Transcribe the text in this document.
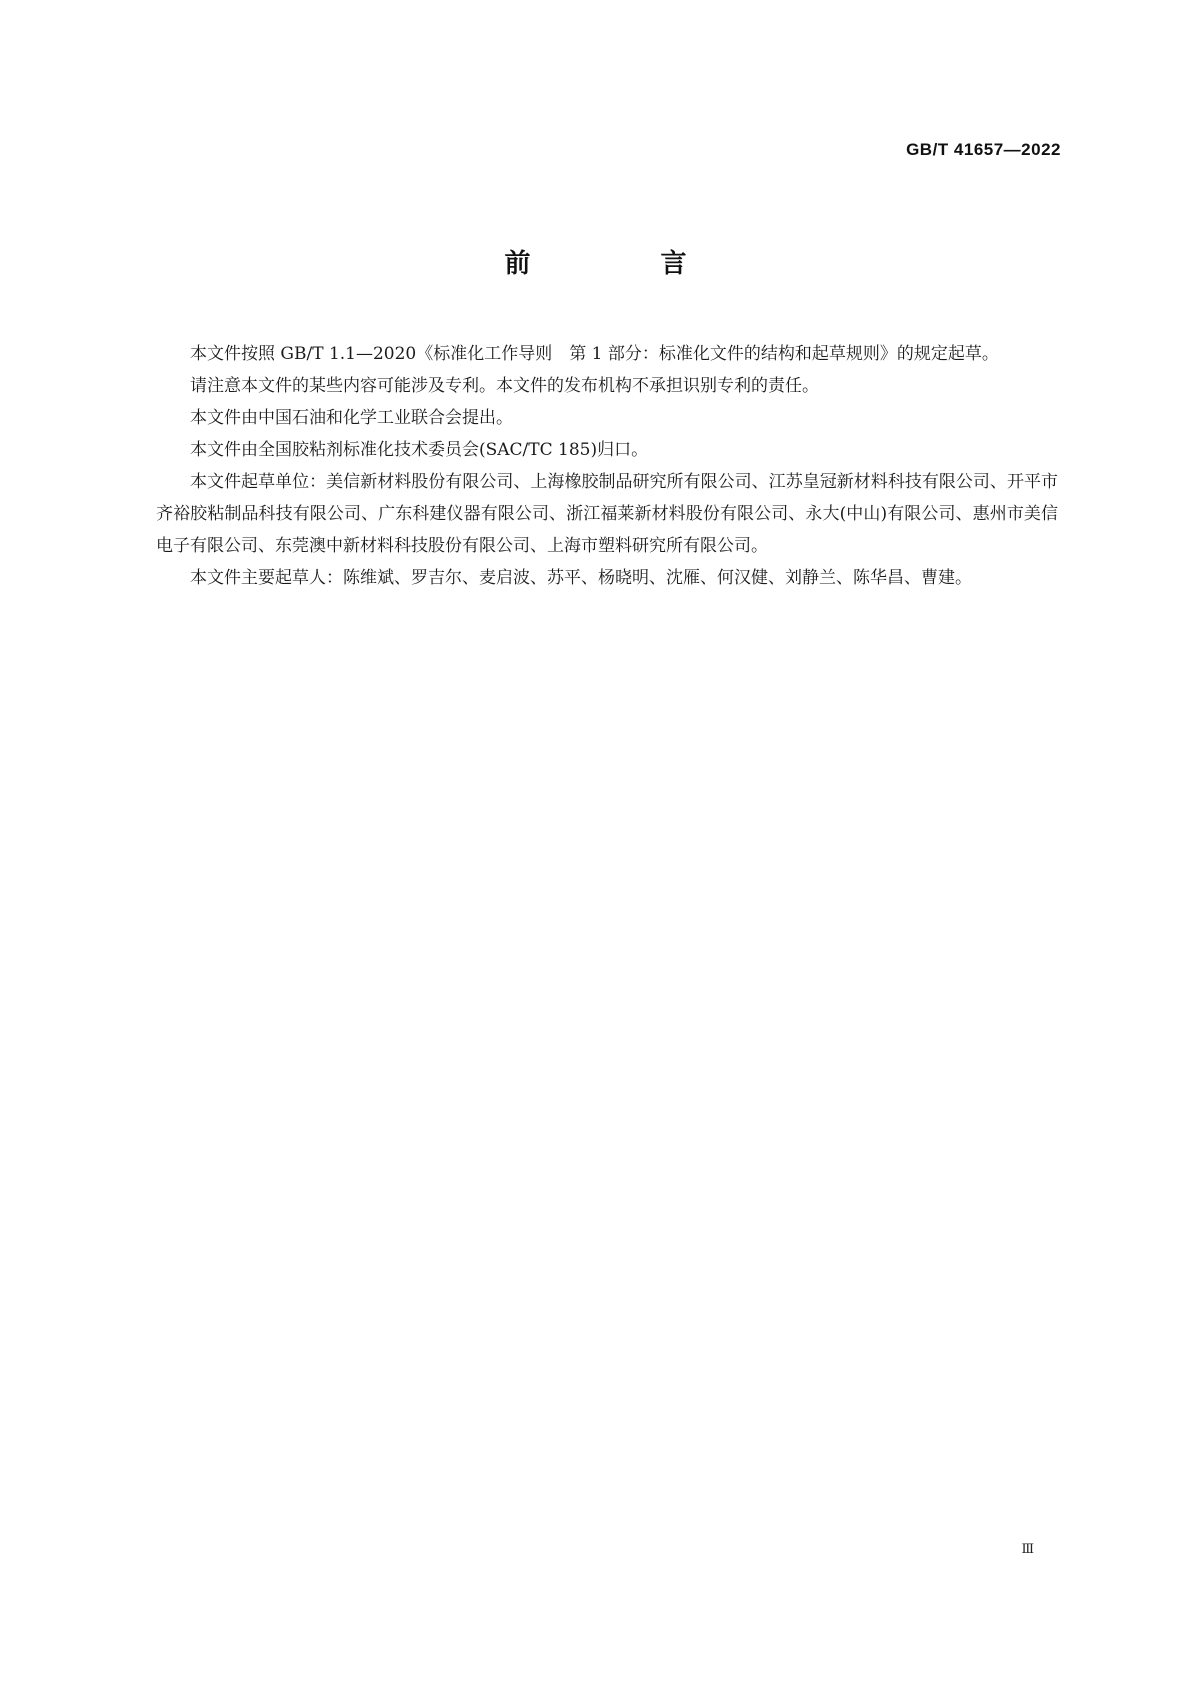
GB/T 41657—2022
前　言

本文件按照 GB/T 1.1—2020《标准化工作导则　第 1 部分：标准化文件的结构和起草规则》的规定起草。

请注意本文件的某些内容可能涉及专利。本文件的发布机构不承担识别专利的责任。

本文件由中国石油和化学工业联合会提出。

本文件由全国胶粘剂标准化技术委员会(SAC/TC 185)归口。

本文件起草单位：美信新材料股份有限公司、上海橡胶制品研究所有限公司、江苏皇冠新材料科技有限公司、开平市齐裕胶粘制品科技有限公司、广东科建仪器有限公司、浙江福莱新材料股份有限公司、永大(中山)有限公司、惠州市美信电子有限公司、东莞澳中新材料科技股份有限公司、上海市塑料研究所有限公司。

本文件主要起草人：陈维斌、罗吉尔、麦启波、苏平、杨晓明、沈雁、何汉健、刘静兰、陈华昌、曹建。

Ⅲ
